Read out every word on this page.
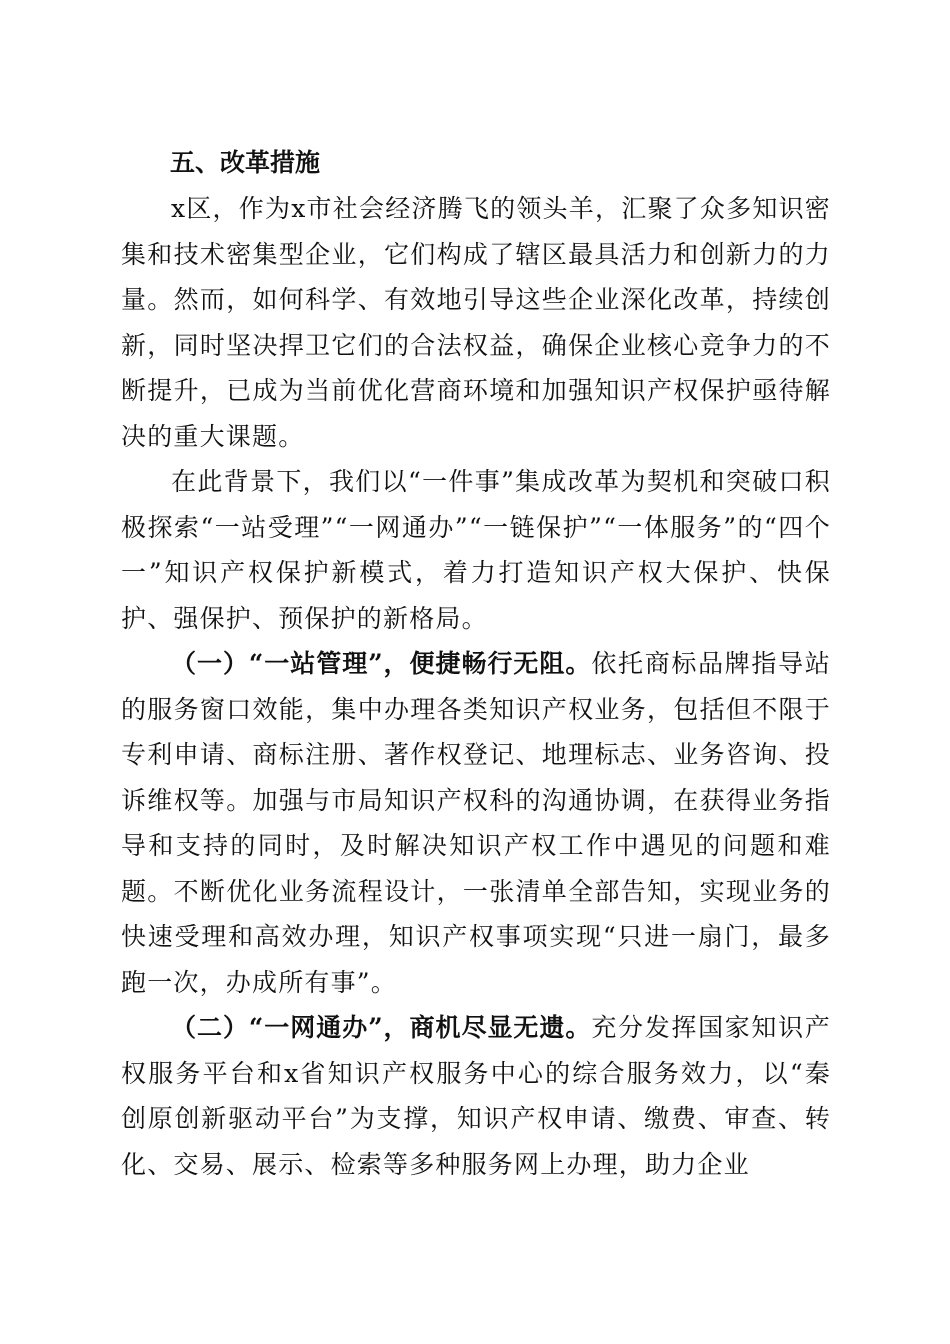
五、改革措施

x区，作为x市社会经济腾飞的领头羊，汇聚了众多知识密集和技术密集型企业，它们构成了辖区最具活力和创新力的力量。然而，如何科学、有效地引导这些企业深化改革，持续创新，同时坚决捍卫它们的合法权益，确保企业核心竞争力的不断提升，已成为当前优化营商环境和加强知识产权保护亟待解决的重大课题。

在此背景下，我们以“一件事”集成改革为契机和突破口积极探索“一站受理”“一网通办”“一链保护”“一体服务”的“四个一”知识产权保护新模式，着力打造知识产权大保护、快保护、强保护、预保护的新格局。

（一）“一站管理”，便捷畅行无阻。依托商标品牌指导站的服务窗口效能，集中办理各类知识产权业务，包括但不限于专利申请、商标注册、著作权登记、地理标志、业务咨询、投诉维权等。加强与市局知识产权科的沟通协调，在获得业务指导和支持的同时，及时解决知识产权工作中遇见的问题和难题。不断优化业务流程设计，一张清单全部告知，实现业务的快速受理和高效办理，知识产权事项实现“只进一扇门，最多跑一次，办成所有事”。

（二）“一网通办”，商机尽显无遗。充分发挥国家知识产权服务平台和x省知识产权服务中心的综合服务效力，以“秦创原创新驱动平台”为支撑，知识产权申请、缴费、审查、转化、交易、展示、检索等多种服务网上办理，助力企业
